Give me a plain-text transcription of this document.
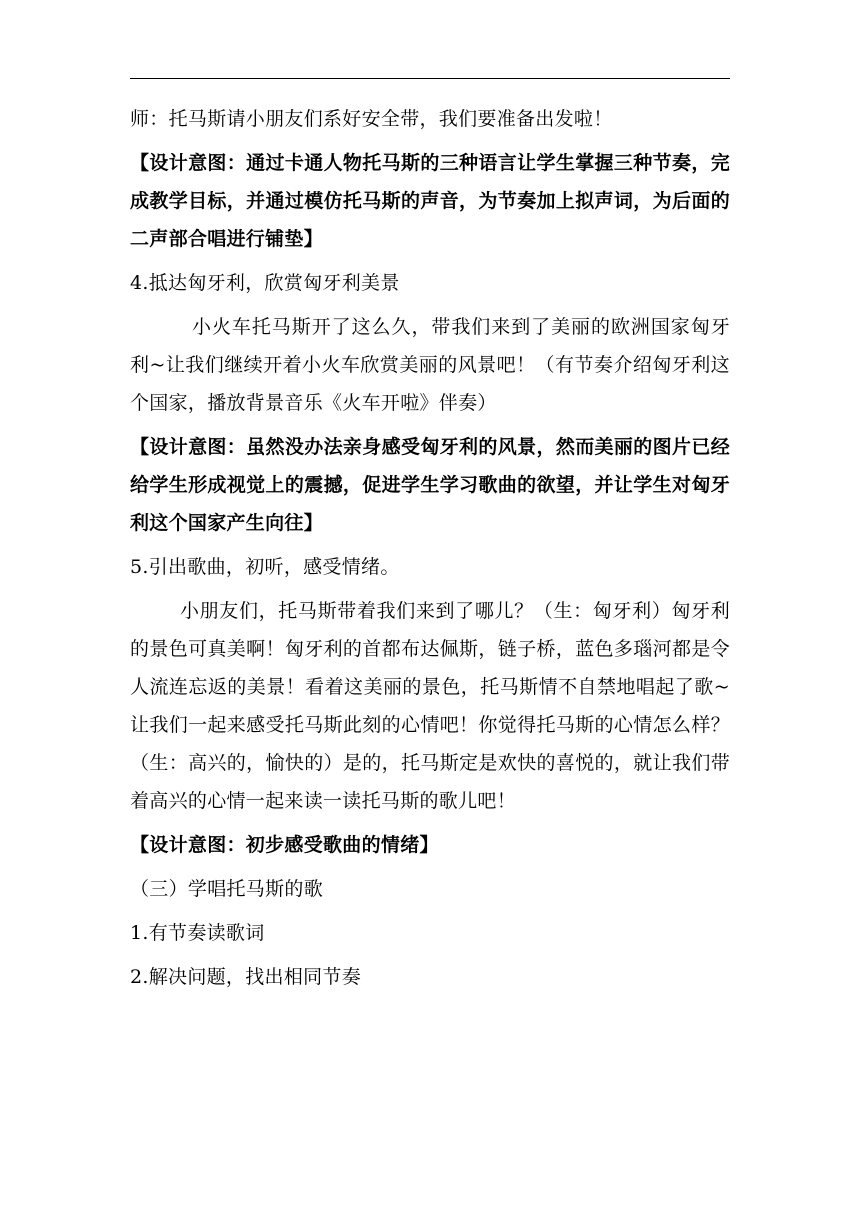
师：托马斯请小朋友们系好安全带，我们要准备出发啦！

【设计意图：通过卡通人物托马斯的三种语言让学生掌握三种节奏，完成教学目标，并通过模仿托马斯的声音，为节奏加上拟声词，为后面的二声部合唱进行铺垫】

4.抵达匈牙利，欣赏匈牙利美景

小火车托马斯开了这么久，带我们来到了美丽的欧洲国家匈牙利~让我们继续开着小火车欣赏美丽的风景吧！（有节奏介绍匈牙利这个国家，播放背景音乐《火车开啦》伴奏）

【设计意图：虽然没办法亲身感受匈牙利的风景，然而美丽的图片已经给学生形成视觉上的震撼，促进学生学习歌曲的欲望，并让学生对匈牙利这个国家产生向往】

5.引出歌曲，初听，感受情绪。

小朋友们，托马斯带着我们来到了哪儿？（生：匈牙利）匈牙利的景色可真美啊！匈牙利的首都布达佩斯，链子桥，蓝色多瑙河都是令人流连忘返的美景！看着这美丽的景色，托马斯情不自禁地唱起了歌~让我们一起来感受托马斯此刻的心情吧！你觉得托马斯的心情怎么样？（生：高兴的，愉快的）是的，托马斯定是欢快的喜悦的，就让我们带着高兴的心情一起来读一读托马斯的歌儿吧！

【设计意图：初步感受歌曲的情绪】

（三）学唱托马斯的歌

1.有节奏读歌词

2.解决问题，找出相同节奏
